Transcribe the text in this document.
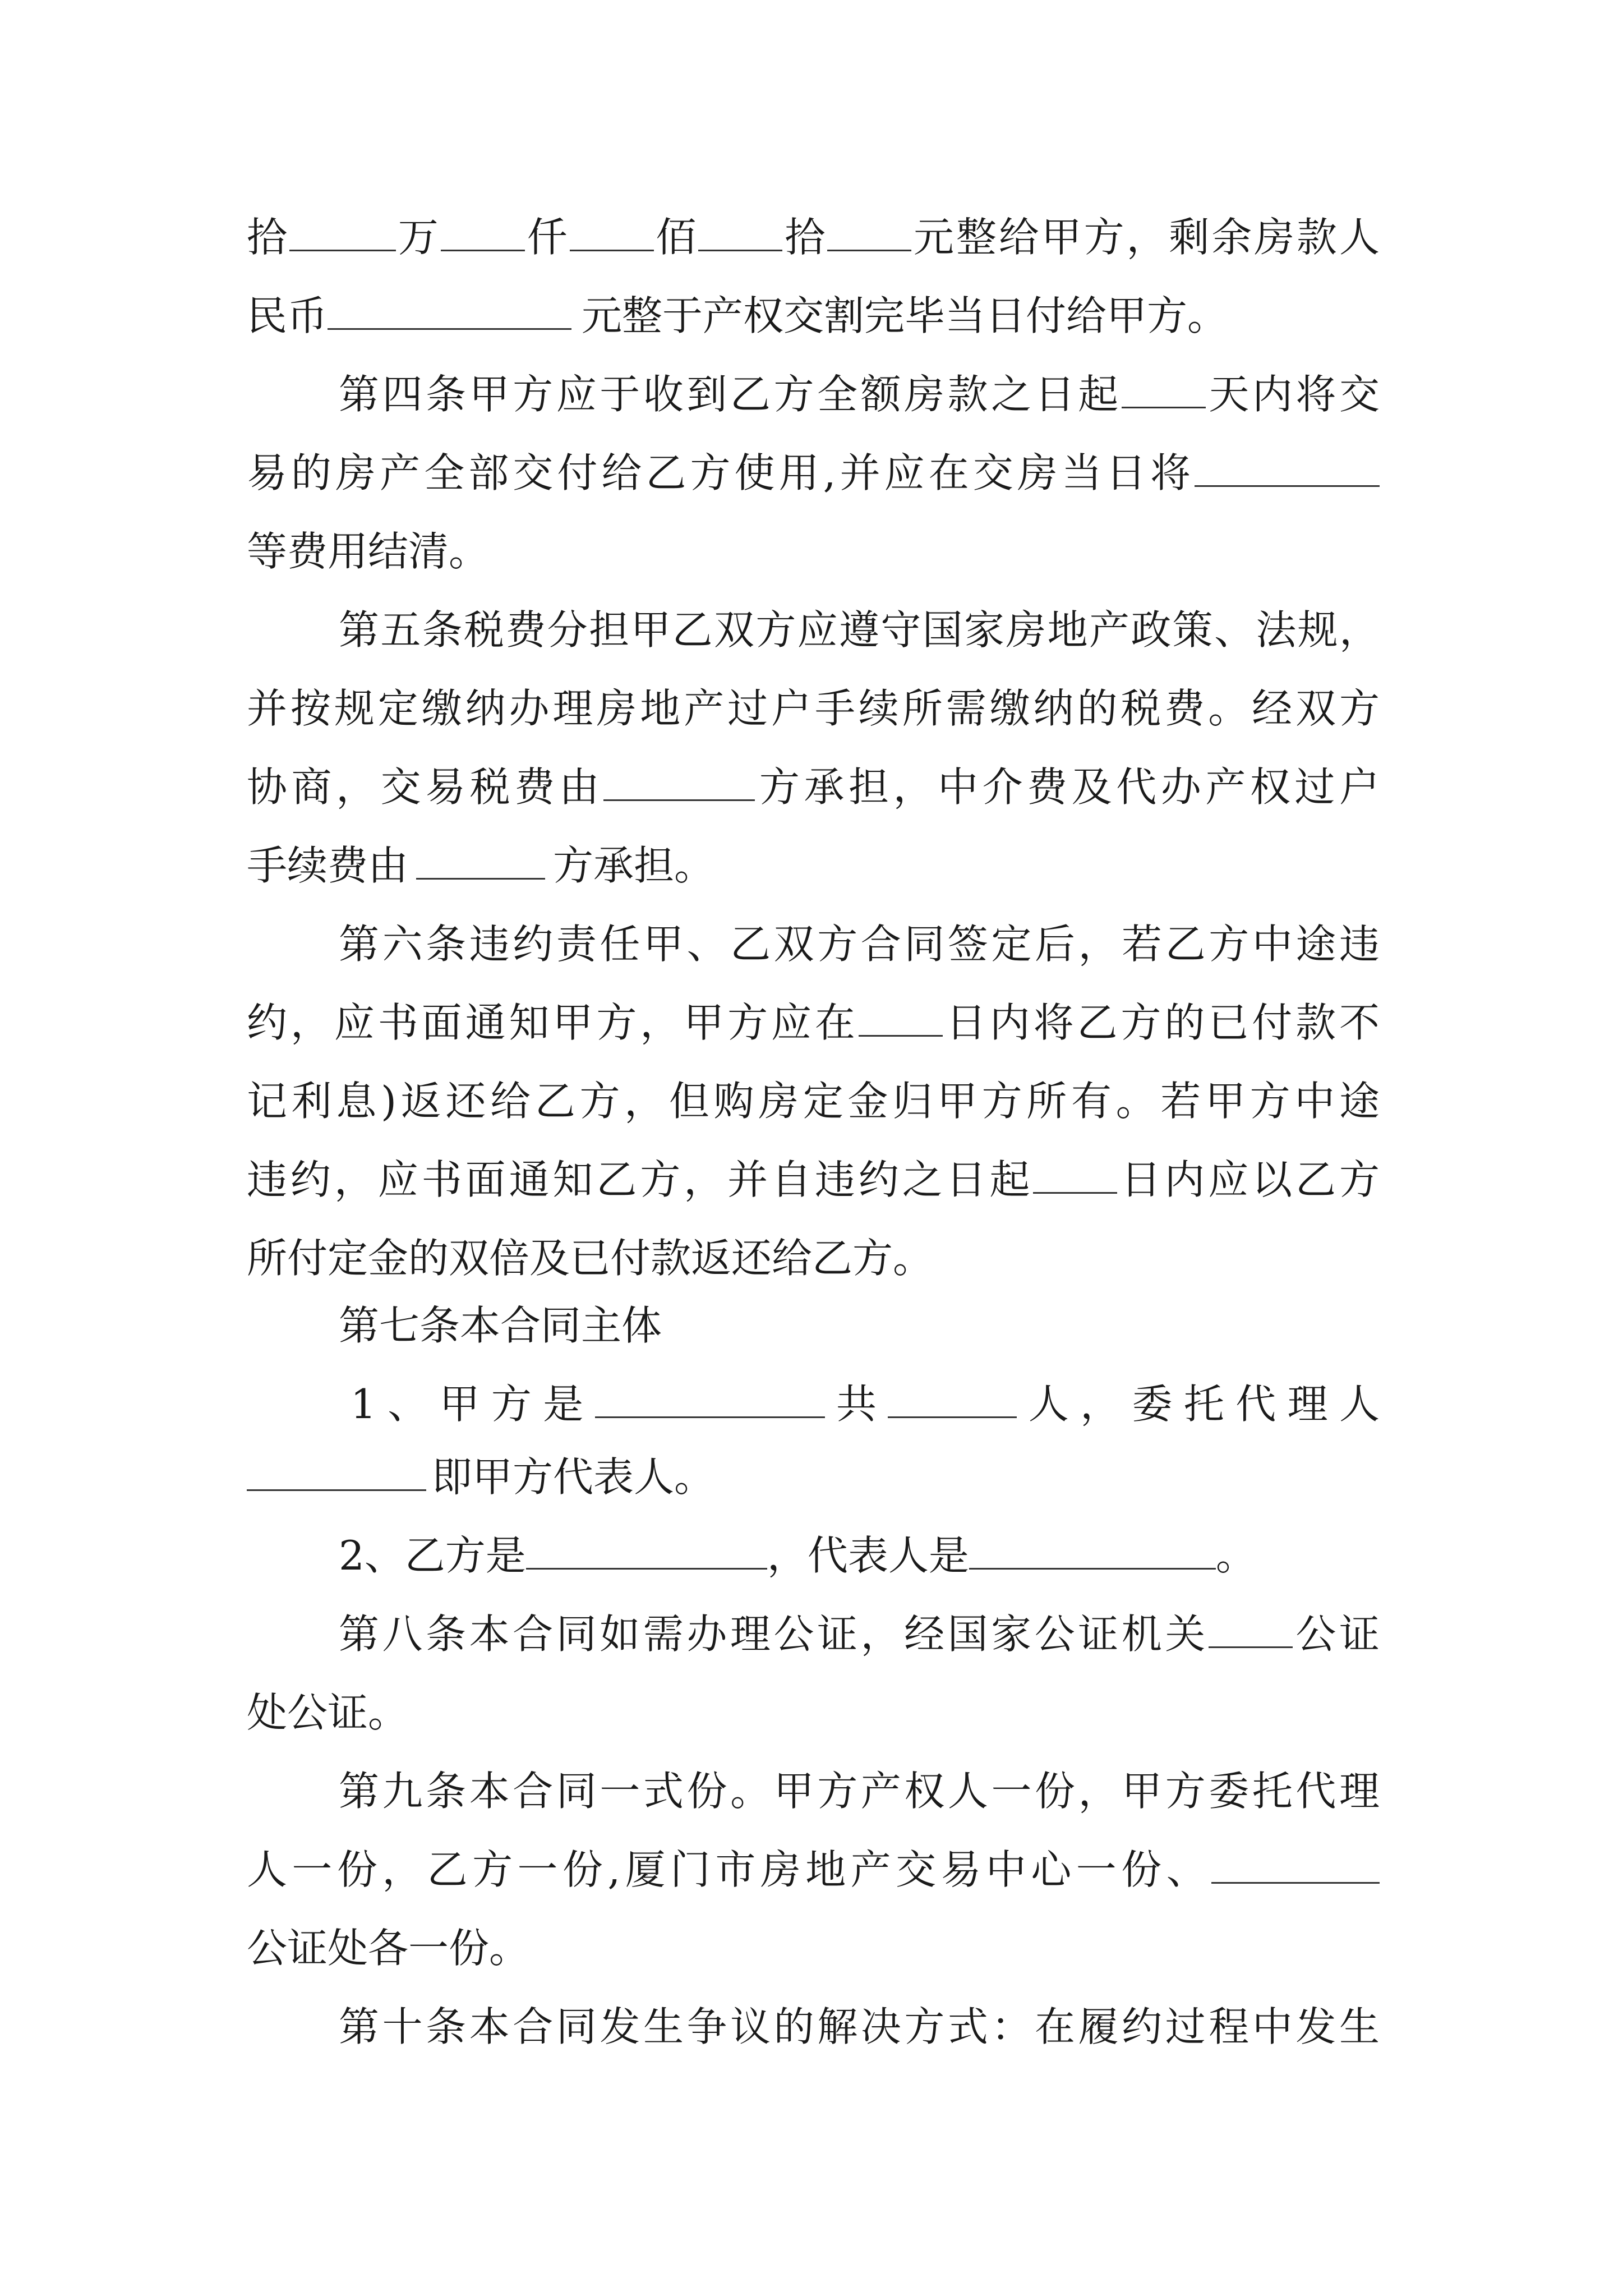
拾	万 仟 佰 拾 元整给甲方，剩余房款人
民币	元整于产权交割完毕当日付给甲方。
第四条甲方应于收到乙方全额房款之日起 天内将交
易的房产全部交付给乙方使用,并应在交房当日将
等费用结清。
第五条税费分担甲乙双方应遵守国家房地产政策、法规，
并按规定缴纳办理房地产过户手续所需缴纳的税费。经双方
协商，交易税费由	方承担，中介费及代办产权过户
手续费由	方承担。
第六条违约责任甲、乙双方合同签定后，若乙方中途违
约，应书面通知甲方，甲方应在 日内将乙方的已付款不
记利息)返还给乙方，但购房定金归甲方所有。若甲方中途
违约，应书面通知乙方，并自违约之日起 日内应以乙方
所付定金的双倍及已付款返还给乙方。
第七条本合同主体
1、甲方是	共	人，委托代理人
即甲方代表人。
2、乙方是	，代表人是	。
第八条本合同如需办理公证，经国家公证机关 公证
处公证。
第九条本合同一式份。甲方产权人一份，甲方委托代理
人一份，乙方一份,厦门市房地产交易中心一份、
公证处各一份。
第十条本合同发生争议的解决方式：在履约过程中发生
